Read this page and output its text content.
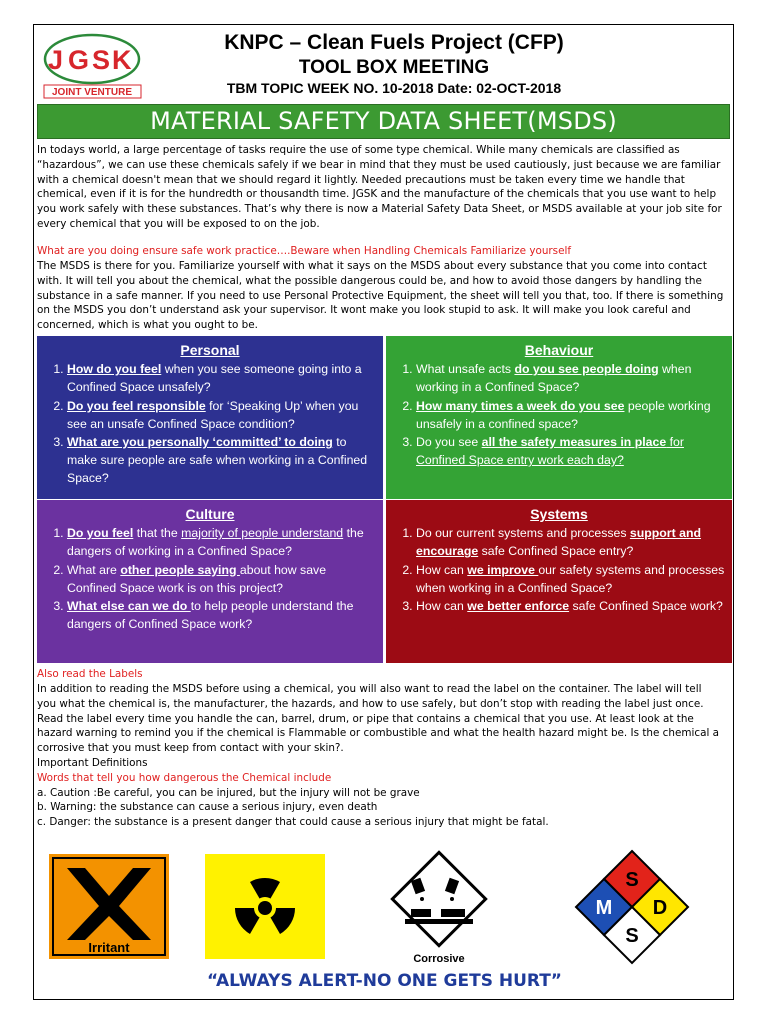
J G S K
JOINT VENTURE
KNPC – Clean Fuels Project (CFP)
TOOL BOX MEETING
TBM TOPIC WEEK NO. 10-2018 Date: 02-OCT-2018
MATERIAL SAFETY DATA SHEET(MSDS)
In todays world, a large percentage of tasks require the use of some type chemical. While many chemicals are classified as
“hazardous”, we can use these chemicals safely if we bear in mind that they must be used cautiously, just because we are familiar
with a chemical doesn't mean that we should regard it lightly. Needed precautions must be taken every time we handle that
chemical, even if it is for the hundredth or thousandth time. JGSK and the manufacture of the chemicals that you use want to help
you work safely with these substances. That’s why there is now a Material Safety Data Sheet, or MSDS available at your job site for
every chemical that you will be exposed to on the job.
What are you doing ensure safe work practice….Beware when Handling Chemicals Familiarize yourself
The MSDS is there for you. Familiarize yourself with what it says on the MSDS about every substance that you come into contact
with. It will tell you about the chemical, what the possible dangerous could be, and how to avoid those dangers by handling the
substance in a safe manner. If you need to use Personal Protective Equipment, the sheet will tell you that, too. If there is something
on the MSDS you don’t understand ask your supervisor. It wont make you look stupid to ask. It will make you look careful and
concerned, which is what you ought to be.
Personal
1. How do you feel when you see someone going into a Confined Space unsafely?
2. Do you feel responsible for ‘Speaking Up’ when you see an unsafe Confined Space condition?
3. What are you personally ‘committed’ to doing to make sure people are safe when working in a Confined Space?
Behaviour
1. What unsafe acts do you see people doing when working in a Confined Space?
2. How many times a week do you see people working unsafely in a confined space?
3. Do you see all the safety measures in place for Confined Space entry work each day?
Culture
1. Do you feel that the majority of people understand the dangers of working in a Confined Space?
2. What are other people saying about how save Confined Space work is on this project?
3. What else can we do to help people understand the dangers of Confined Space work?
Systems
1. Do our current systems and processes support and encourage safe Confined Space entry?
2. How can we improve our safety systems and processes when working in a Confined Space?
3. How can we better enforce safe Confined Space work?
Also read the Labels
In addition to reading the MSDS before using a chemical, you will also want to read the label on the container. The label will tell
you what the chemical is, the manufacturer, the hazards, and how to use safely, but don’t stop with reading the label just once.
Read the label every time you handle the can, barrel, drum, or pipe that contains a chemical that you use. At least look at the
hazard warning to remind you if the chemical is Flammable or combustible and what the health hazard might be. Is the chemical a
corrosive that you must keep from contact with your skin?.
Important Definitions
Words that tell you how dangerous the Chemical include
a. Caution :Be careful, you can be injured, but the injury will not be grave
b. Warning: the substance can cause a serious injury, even death
c. Danger: the substance is a present danger that could cause a serious injury that might be fatal.
Irritant
Corrosive
S
M D
S
“ALWAYS ALERT-NO ONE GETS HURT”
